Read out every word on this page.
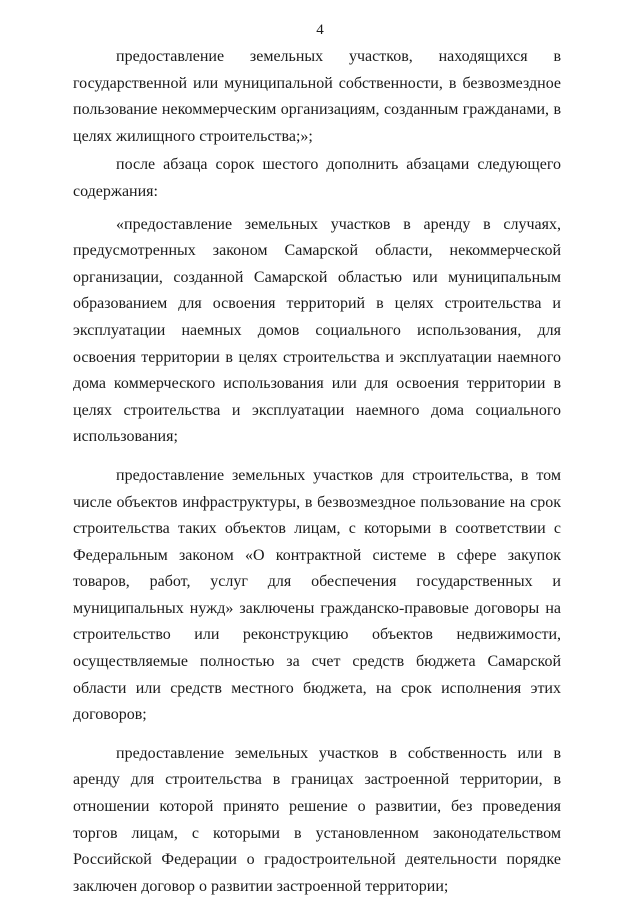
4

предоставление земельных участков, находящихся в государственной или муниципальной собственности, в безвозмездное пользование некоммерческим организациям, созданным гражданами, в целях жилищного строительства;»;

после абзаца сорок шестого дополнить абзацами следующего содержания:

«предоставление земельных участков в аренду в случаях, предусмотренных законом Самарской области, некоммерческой организации, созданной Самарской областью или муниципальным образованием для освоения территорий в целях строительства и эксплуатации наемных домов социального использования, для освоения территории в целях строительства и эксплуатации наемного дома коммерческого использования или для освоения территории в целях строительства и эксплуатации наемного дома социального использования;

предоставление земельных участков для строительства, в том числе объектов инфраструктуры, в безвозмездное пользование на срок строительства таких объектов лицам, с которыми в соответствии с Федеральным законом «О контрактной системе в сфере закупок товаров, работ, услуг для обеспечения государственных и муниципальных нужд» заключены гражданско-правовые договоры на строительство или реконструкцию объектов недвижимости, осуществляемые полностью за счет средств бюджета Самарской области или средств местного бюджета, на срок исполнения этих договоров;

предоставление земельных участков в собственность или в аренду для строительства в границах застроенной территории, в отношении которой принято решение о развитии, без проведения торгов лицам, с которыми в установленном законодательством Российской Федерации о градостроительной деятельности порядке заключен договор о развитии застроенной территории;
